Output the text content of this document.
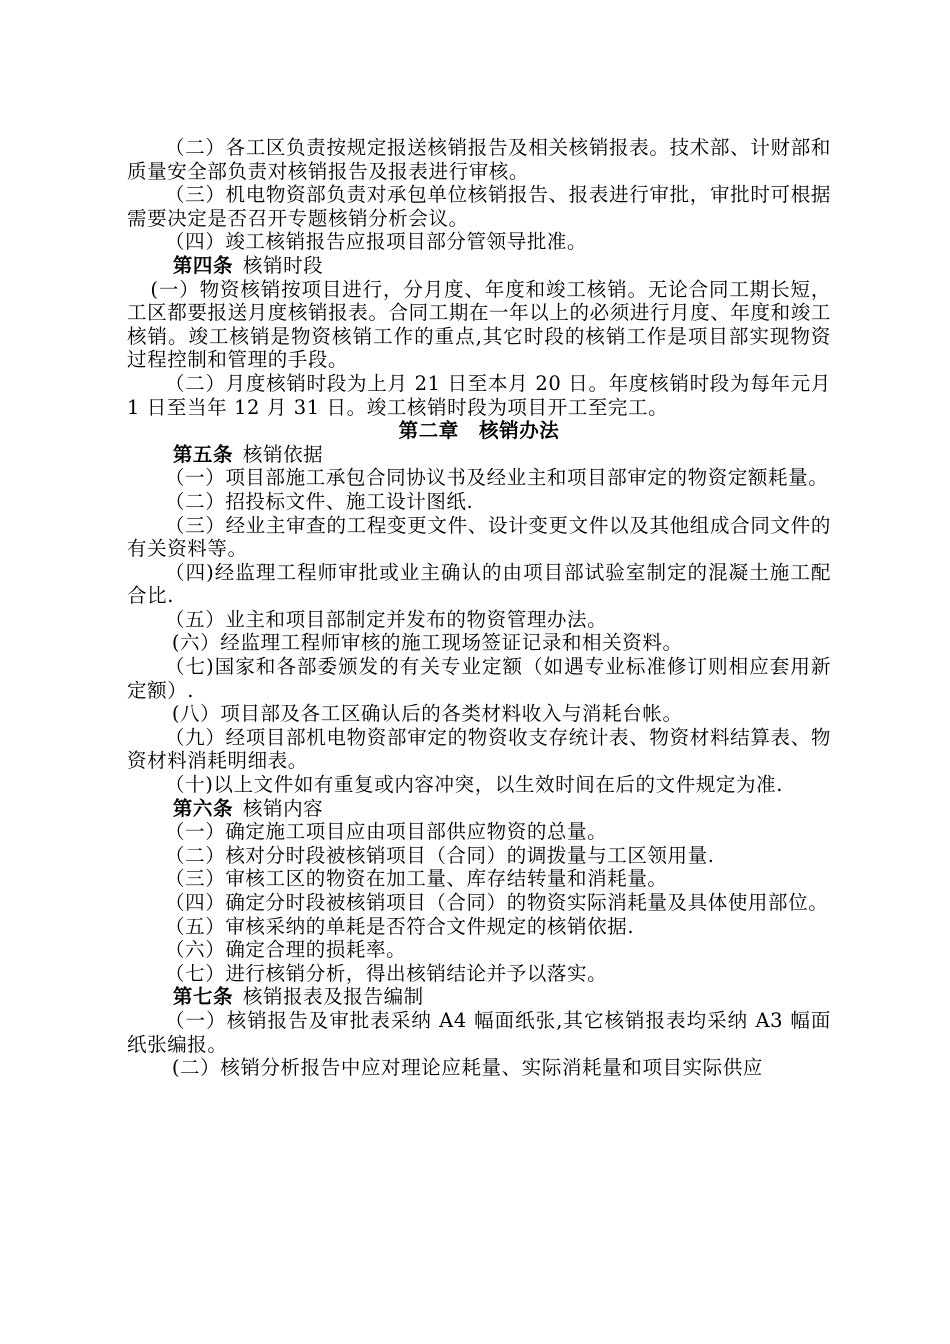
（二）各工区负责按规定报送核销报告及相关核销报表。技术部、计财部和质量安全部负责对核销报告及报表进行审核。

（三）机电物资部负责对承包单位核销报告、报表进行审批，审批时可根据需要决定是否召开专题核销分析会议。

（四）竣工核销报告应报项目部分管领导批准。

第四条 核销时段

(一）物资核销按项目进行，分月度、年度和竣工核销。无论合同工期长短，工区都要报送月度核销报表。合同工期在一年以上的必须进行月度、年度和竣工核销。竣工核销是物资核销工作的重点,其它时段的核销工作是项目部实现物资过程控制和管理的手段。

（二）月度核销时段为上月 21 日至本月 20 日。年度核销时段为每年元月 1 日至当年 12 月 31 日。竣工核销时段为项目开工至完工。

第二章　核销办法

第五条 核销依据

（一）项目部施工承包合同协议书及经业主和项目部审定的物资定额耗量。

（二）招投标文件、施工设计图纸.

（三）经业主审查的工程变更文件、设计变更文件以及其他组成合同文件的有关资料等。

（四)经监理工程师审批或业主确认的由项目部试验室制定的混凝土施工配合比.

（五）业主和项目部制定并发布的物资管理办法。

(六）经监理工程师审核的施工现场签证记录和相关资料。

（七)国家和各部委颁发的有关专业定额（如遇专业标准修订则相应套用新定额）.

(八）项目部及各工区确认后的各类材料收入与消耗台帐。

（九）经项目部机电物资部审定的物资收支存统计表、物资材料结算表、物资材料消耗明细表。

（十)以上文件如有重复或内容冲突，以生效时间在后的文件规定为准.

第六条 核销内容

（一）确定施工项目应由项目部供应物资的总量。

（二）核对分时段被核销项目（合同）的调拨量与工区领用量.

（三）审核工区的物资在加工量、库存结转量和消耗量。

（四）确定分时段被核销项目（合同）的物资实际消耗量及具体使用部位。

（五）审核采纳的单耗是否符合文件规定的核销依据.

（六）确定合理的损耗率。

（七）进行核销分析，得出核销结论并予以落实。

第七条 核销报表及报告编制

（一）核销报告及审批表采纳 A4 幅面纸张,其它核销报表均采纳 A3 幅面纸张编报。

(二）核销分析报告中应对理论应耗量、实际消耗量和项目实际供应
